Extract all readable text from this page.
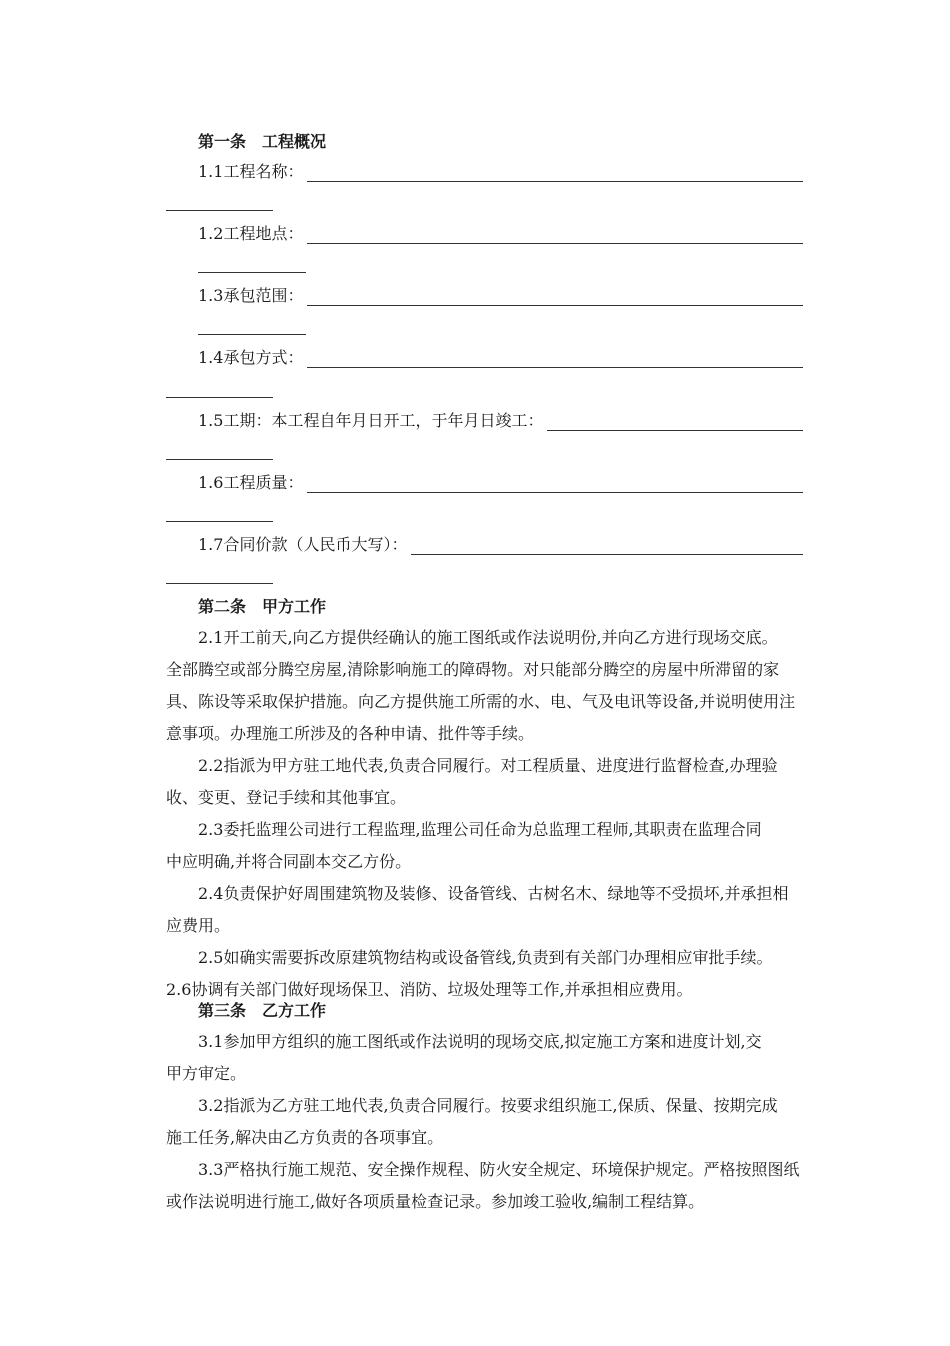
第一条　工程概况
1.1工程名称：
1.2工程地点：
1.3承包范围：
1.4承包方式：
1.5工期：本工程自年月日开工，于年月日竣工：
1.6工程质量：
1.7合同价款（人民币大写）：
第二条　甲方工作
2.1开工前天,向乙方提供经确认的施工图纸或作法说明份,并向乙方进行现场交底。
全部腾空或部分腾空房屋,清除影响施工的障碍物。对只能部分腾空的房屋中所滞留的家
具、陈设等采取保护措施。向乙方提供施工所需的水、电、气及电讯等设备,并说明使用注
意事项。办理施工所涉及的各种申请、批件等手续。
2.2指派为甲方驻工地代表,负责合同履行。对工程质量、进度进行监督检查,办理验
收、变更、登记手续和其他事宜。
2.3委托监理公司进行工程监理,监理公司任命为总监理工程师,其职责在监理合同
中应明确,并将合同副本交乙方份。
2.4负责保护好周围建筑物及装修、设备管线、古树名木、绿地等不受损坏,并承担相
应费用。
2.5如确实需要拆改原建筑物结构或设备管线,负责到有关部门办理相应审批手续。
2.6协调有关部门做好现场保卫、消防、垃圾处理等工作,并承担相应费用。
第三条　乙方工作
3.1参加甲方组织的施工图纸或作法说明的现场交底,拟定施工方案和进度计划,交
甲方审定。
3.2指派为乙方驻工地代表,负责合同履行。按要求组织施工,保质、保量、按期完成
施工任务,解决由乙方负责的各项事宜。
3.3严格执行施工规范、安全操作规程、防火安全规定、环境保护规定。严格按照图纸
或作法说明进行施工,做好各项质量检查记录。参加竣工验收,编制工程结算。
